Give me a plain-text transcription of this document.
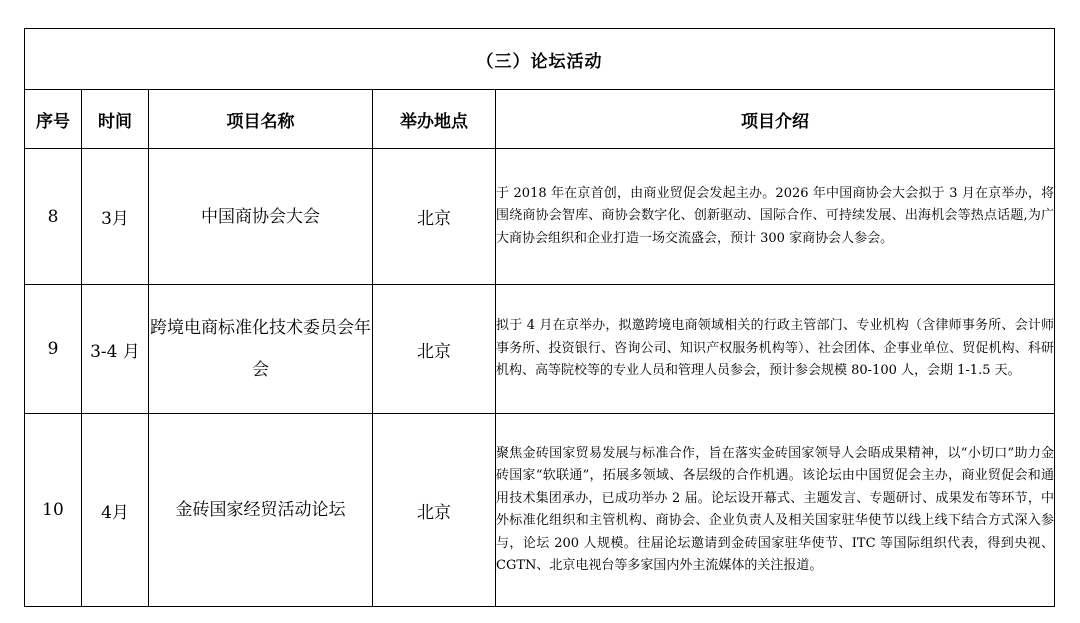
（三）论坛活动				
序号	时间	项目名称	举办地点	项目介绍
8	3月	中国商协会大会	北京	于 2018 年在京首创，由商业贸促会发起主办。2026 年中国商协会大会拟于 3 月在京举办，将围绕商协会智库、商协会数字化、创新驱动、国际合作、可持续发展、出海机会等热点话题,为广大商协会组织和企业打造一场交流盛会，预计 300 家商协会人参会。
9	3-4 月	跨境电商标准化技术委员会年会	北京	拟于 4 月在京举办，拟邀跨境电商领域相关的行政主管部门、专业机构（含律师事务所、会计师事务所、投资银行、咨询公司、知识产权服务机构等）、社会团体、企事业单位、贸促机构、科研机构、高等院校等的专业人员和管理人员参会，预计参会规模 80-100 人，会期 1-1.5 天。
10	4月	金砖国家经贸活动论坛	北京	聚焦金砖国家贸易发展与标准合作，旨在落实金砖国家领导人会晤成果精神，以“小切口”助力金砖国家“软联通”，拓展多领域、各层级的合作机遇。该论坛由中国贸促会主办，商业贸促会和通用技术集团承办，已成功举办 2 届。论坛设开幕式、主题发言、专题研讨、成果发布等环节，中外标准化组织和主管机构、商协会、企业负责人及相关国家驻华使节以线上线下结合方式深入参与，论坛 200 人规模。往届论坛邀请到金砖国家驻华使节、ITC 等国际组织代表，得到央视、CGTN、北京电视台等多家国内外主流媒体的关注报道。
